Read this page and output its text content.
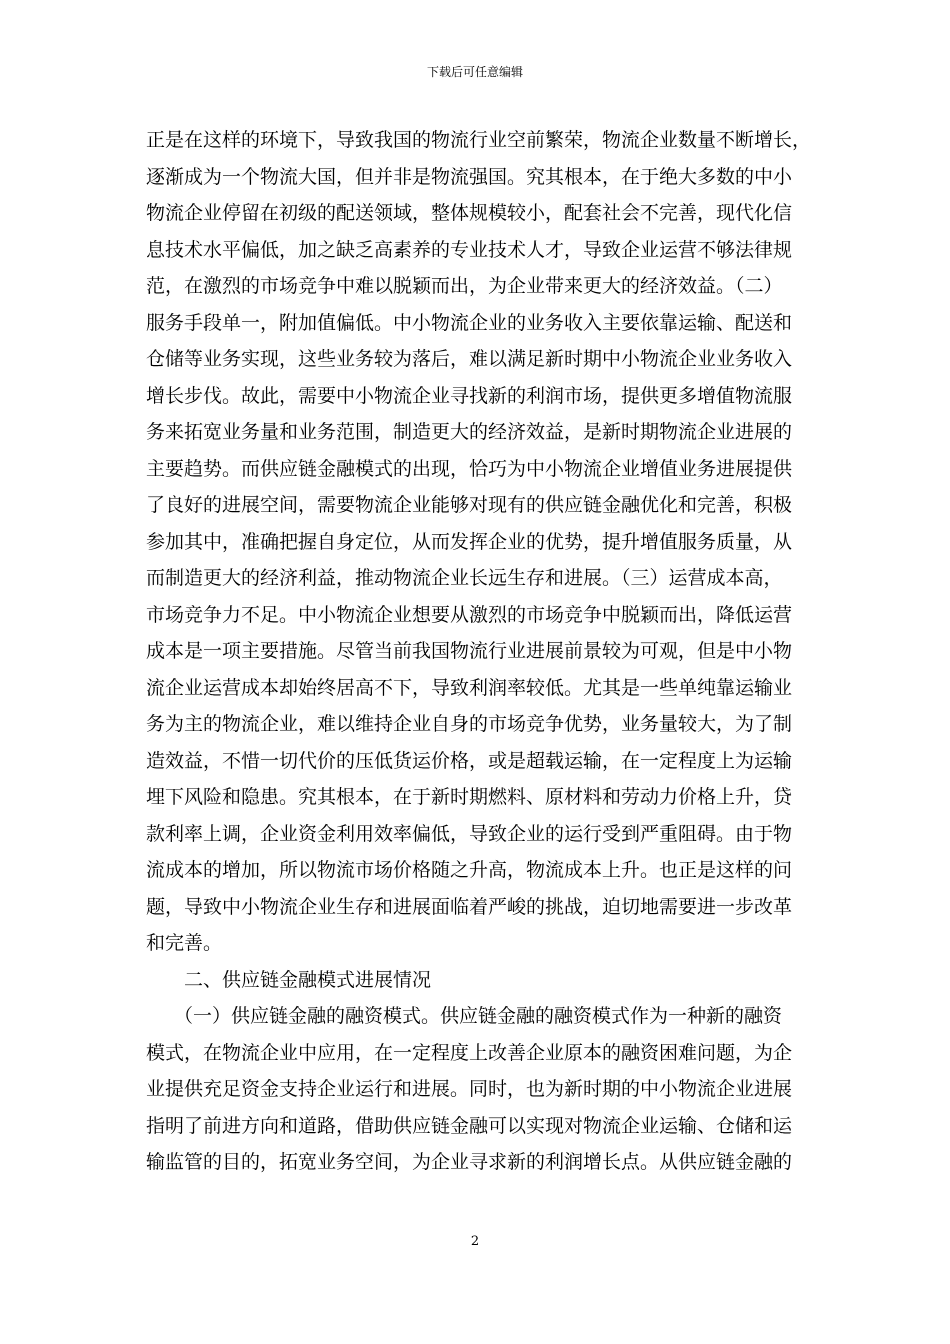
下载后可任意编辑
正是在这样的环境下，导致我国的物流行业空前繁荣，物流企业数量不断增长，
逐渐成为一个物流大国，但并非是物流强国。究其根本，在于绝大多数的中小
物流企业停留在初级的配送领域，整体规模较小，配套社会不完善，现代化信
息技术水平偏低，加之缺乏高素养的专业技术人才，导致企业运营不够法律规
范，在激烈的市场竞争中难以脱颖而出，为企业带来更大的经济效益。（二）
服务手段单一，附加值偏低。中小物流企业的业务收入主要依靠运输、配送和
仓储等业务实现，这些业务较为落后，难以满足新时期中小物流企业业务收入
增长步伐。故此，需要中小物流企业寻找新的利润市场，提供更多增值物流服
务来拓宽业务量和业务范围，制造更大的经济效益，是新时期物流企业进展的
主要趋势。而供应链金融模式的出现，恰巧为中小物流企业增值业务进展提供
了良好的进展空间，需要物流企业能够对现有的供应链金融优化和完善，积极
参加其中，准确把握自身定位，从而发挥企业的优势，提升增值服务质量，从
而制造更大的经济利益，推动物流企业长远生存和进展。（三）运营成本高，
市场竞争力不足。中小物流企业想要从激烈的市场竞争中脱颖而出，降低运营
成本是一项主要措施。尽管当前我国物流行业进展前景较为可观，但是中小物
流企业运营成本却始终居高不下，导致利润率较低。尤其是一些单纯靠运输业
务为主的物流企业，难以维持企业自身的市场竞争优势，业务量较大，为了制
造效益，不惜一切代价的压低货运价格，或是超载运输，在一定程度上为运输
埋下风险和隐患。究其根本，在于新时期燃料、原材料和劳动力价格上升，贷
款利率上调，企业资金利用效率偏低，导致企业的运行受到严重阻碍。由于物
流成本的增加，所以物流市场价格随之升高，物流成本上升。也正是这样的问
题，导致中小物流企业生存和进展面临着严峻的挑战，迫切地需要进一步改革
和完善。
二、供应链金融模式进展情况
（一）供应链金融的融资模式。供应链金融的融资模式作为一种新的融资
模式，在物流企业中应用，在一定程度上改善企业原本的融资困难问题，为企
业提供充足资金支持企业运行和进展。同时，也为新时期的中小物流企业进展
指明了前进方向和道路，借助供应链金融可以实现对物流企业运输、仓储和运
输监管的目的，拓宽业务空间，为企业寻求新的利润增长点。从供应链金融的
2
